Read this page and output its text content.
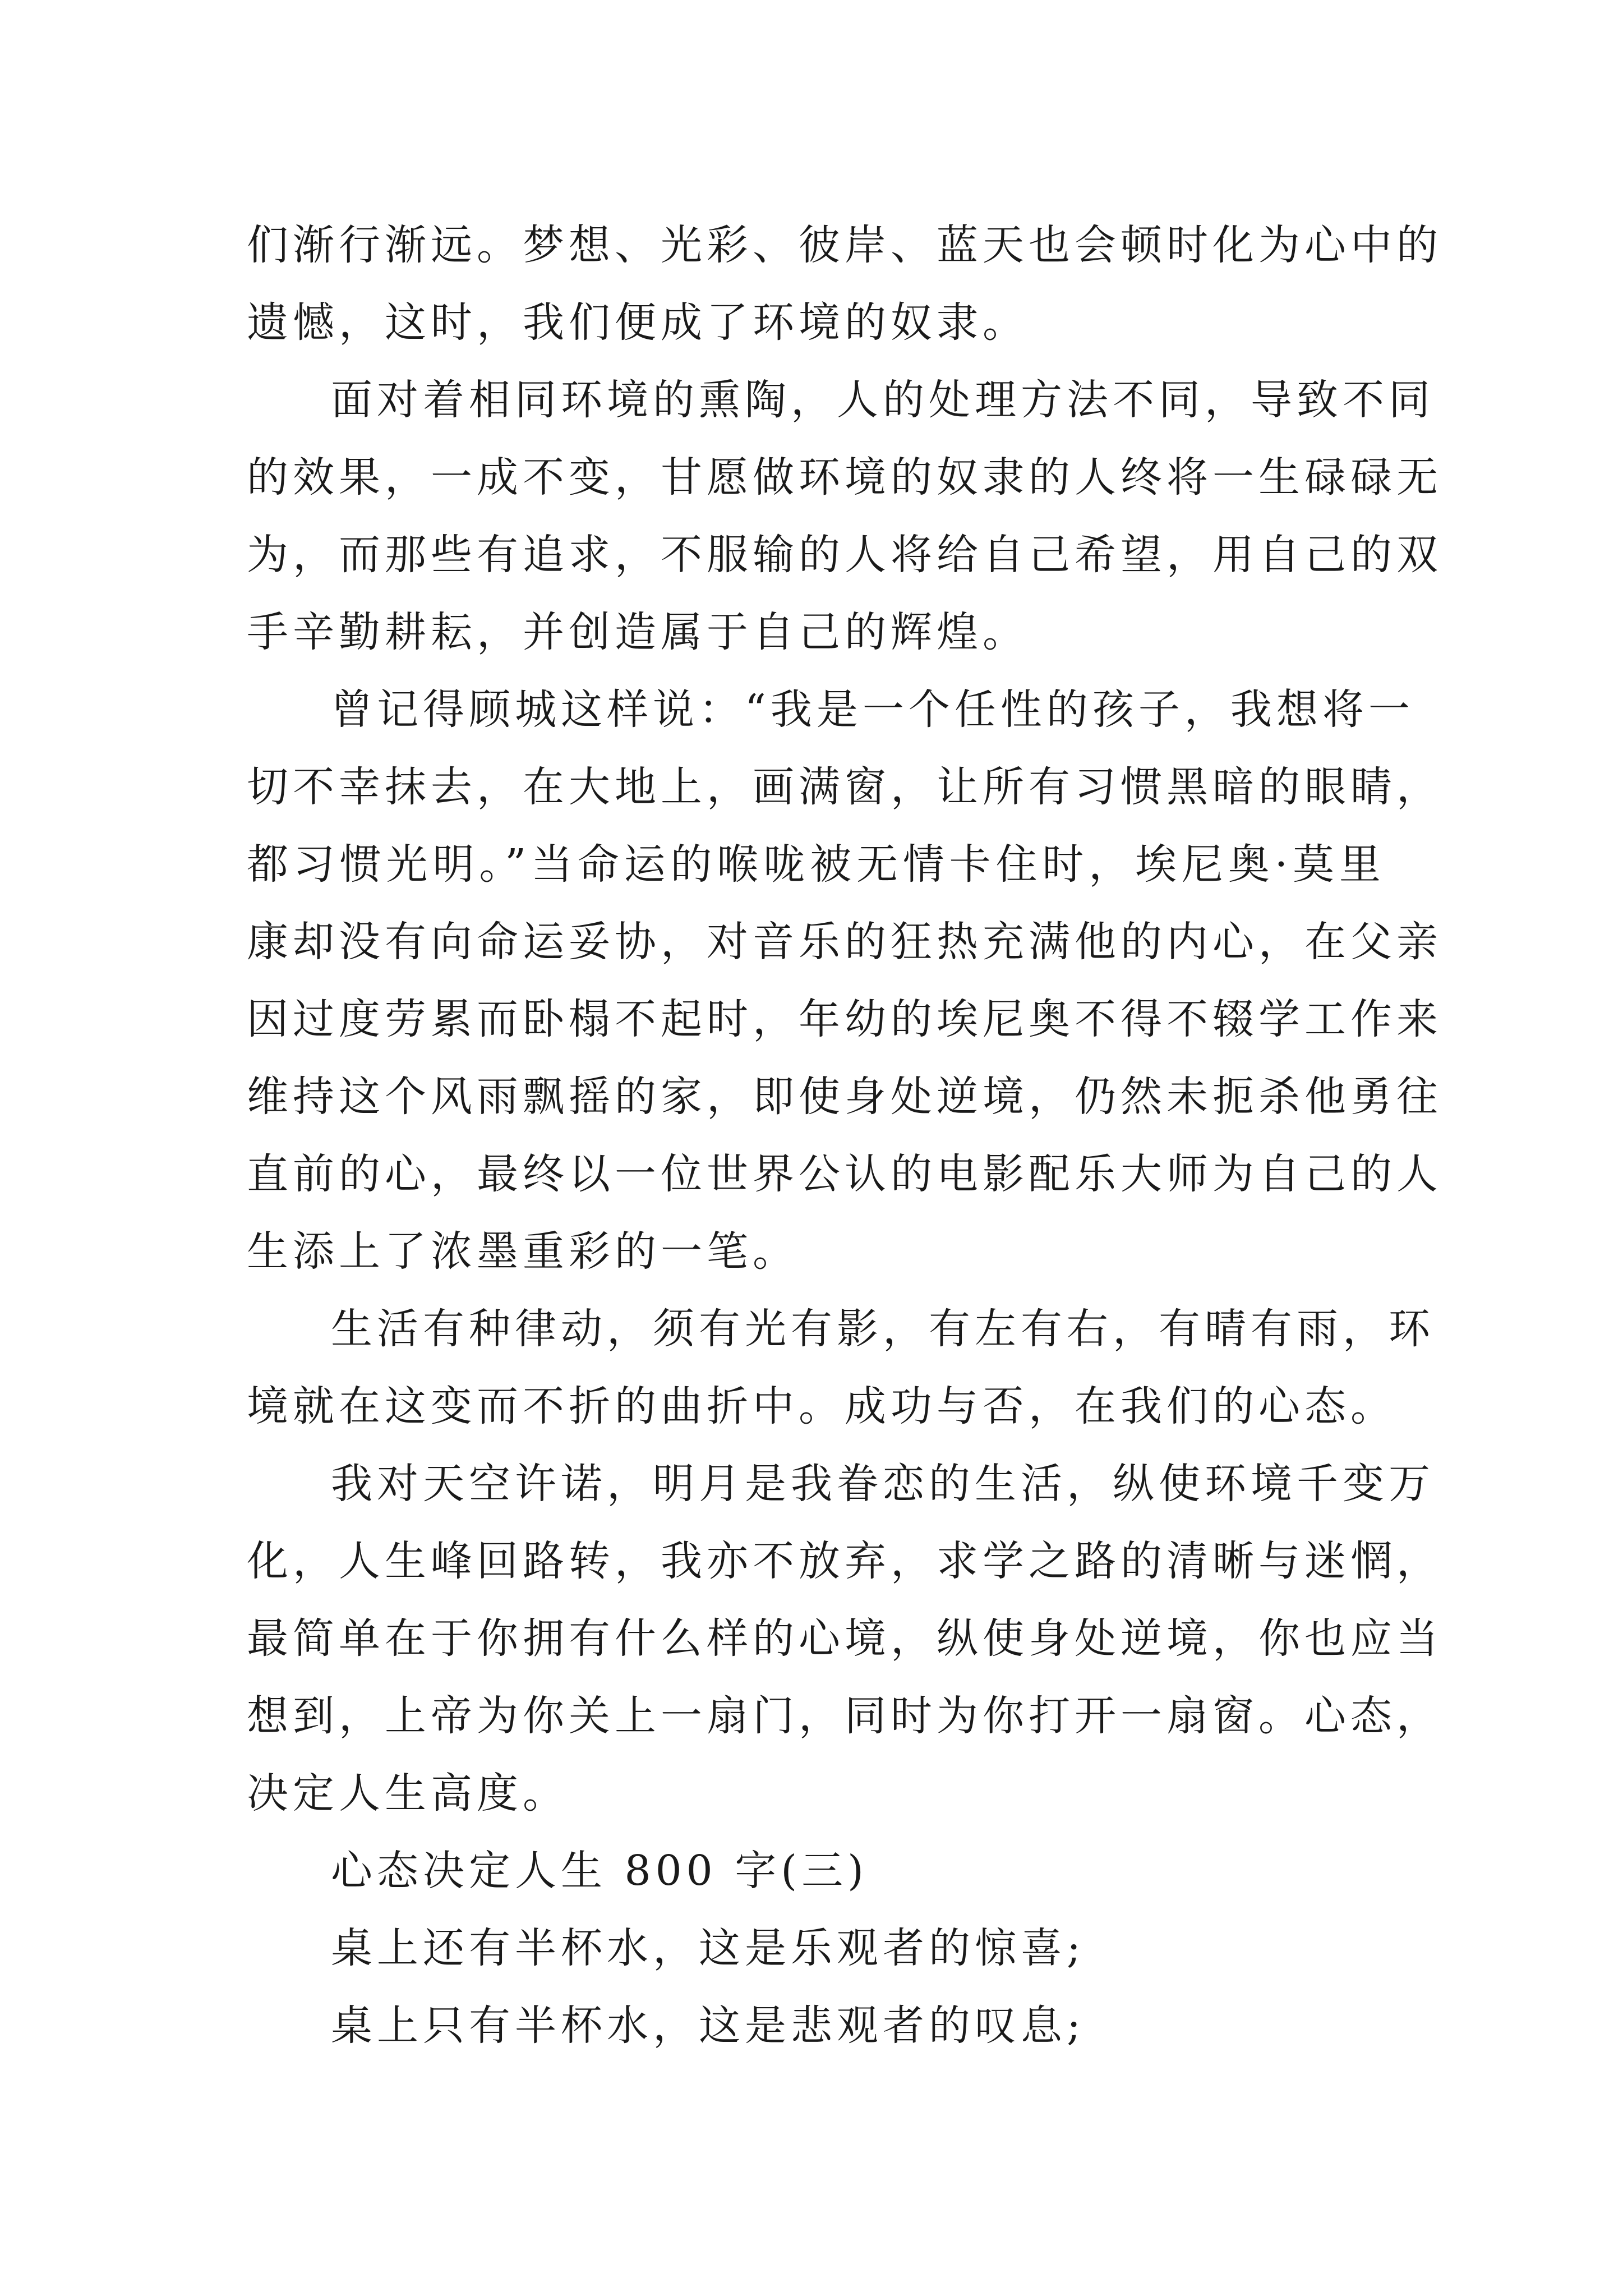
们渐行渐远。梦想、光彩、彼岸、蓝天也会顿时化为心中的
遗憾，这时，我们便成了环境的奴隶。
面对着相同环境的熏陶，人的处理方法不同，导致不同
的效果，一成不变，甘愿做环境的奴隶的人终将一生碌碌无
为，而那些有追求，不服输的人将给自己希望，用自己的双
手辛勤耕耘，并创造属于自己的辉煌。
曾记得顾城这样说：“我是一个任性的孩子，我想将一
切不幸抹去，在大地上，画满窗，让所有习惯黑暗的眼睛，
都习惯光明。”当命运的喉咙被无情卡住时，埃尼奥·莫里
康却没有向命运妥协，对音乐的狂热充满他的内心，在父亲
因过度劳累而卧榻不起时，年幼的埃尼奥不得不辍学工作来
维持这个风雨飘摇的家，即使身处逆境，仍然未扼杀他勇往
直前的心，最终以一位世界公认的电影配乐大师为自己的人
生添上了浓墨重彩的一笔。
生活有种律动，须有光有影，有左有右，有晴有雨，环
境就在这变而不折的曲折中。成功与否，在我们的心态。
我对天空许诺，明月是我眷恋的生活，纵使环境千变万
化，人生峰回路转，我亦不放弃，求学之路的清晰与迷惘，
最简单在于你拥有什么样的心境，纵使身处逆境，你也应当
想到，上帝为你关上一扇门，同时为你打开一扇窗。心态，
决定人生高度。
心态决定人生 800 字(三)
桌上还有半杯水，这是乐观者的惊喜;
桌上只有半杯水，这是悲观者的叹息;
